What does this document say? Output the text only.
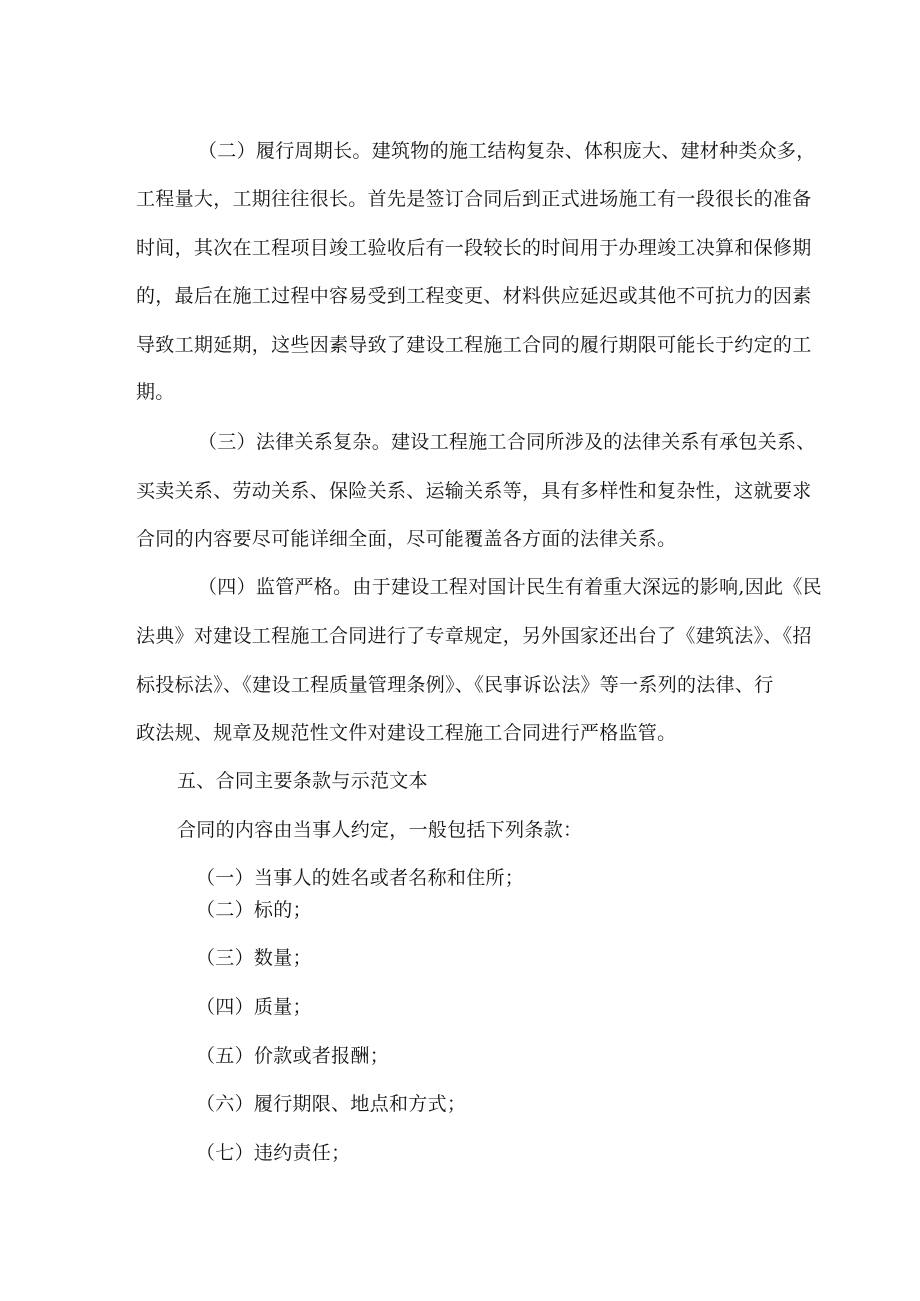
（二）履行周期长。建筑物的施工结构复杂、体积庞大、建材种类众多，
工程量大，工期往往很长。首先是签订合同后到正式进场施工有一段很长的准备
时间，其次在工程项目竣工验收后有一段较长的时间用于办理竣工决算和保修期
的，最后在施工过程中容易受到工程变更、材料供应延迟或其他不可抗力的因素
导致工期延期，这些因素导致了建设工程施工合同的履行期限可能长于约定的工
期。
（三）法律关系复杂。建设工程施工合同所涉及的法律关系有承包关系、
买卖关系、劳动关系、保险关系、运输关系等，具有多样性和复杂性，这就要求
合同的内容要尽可能详细全面，尽可能覆盖各方面的法律关系。
（四）监管严格。由于建设工程对国计民生有着重大深远的影响,因此《民
法典》对建设工程施工合同进行了专章规定，另外国家还出台了《建筑法》、《招
标投标法》、《建设工程质量管理条例》、《民事诉讼法》等一系列的法律、行
政法规、规章及规范性文件对建设工程施工合同进行严格监管。
五、合同主要条款与示范文本
合同的内容由当事人约定，一般包括下列条款：
（一）当事人的姓名或者名称和住所；
（二）标的；
（三）数量；
（四）质量；
（五）价款或者报酬；
（六）履行期限、地点和方式；
（七）违约责任；
